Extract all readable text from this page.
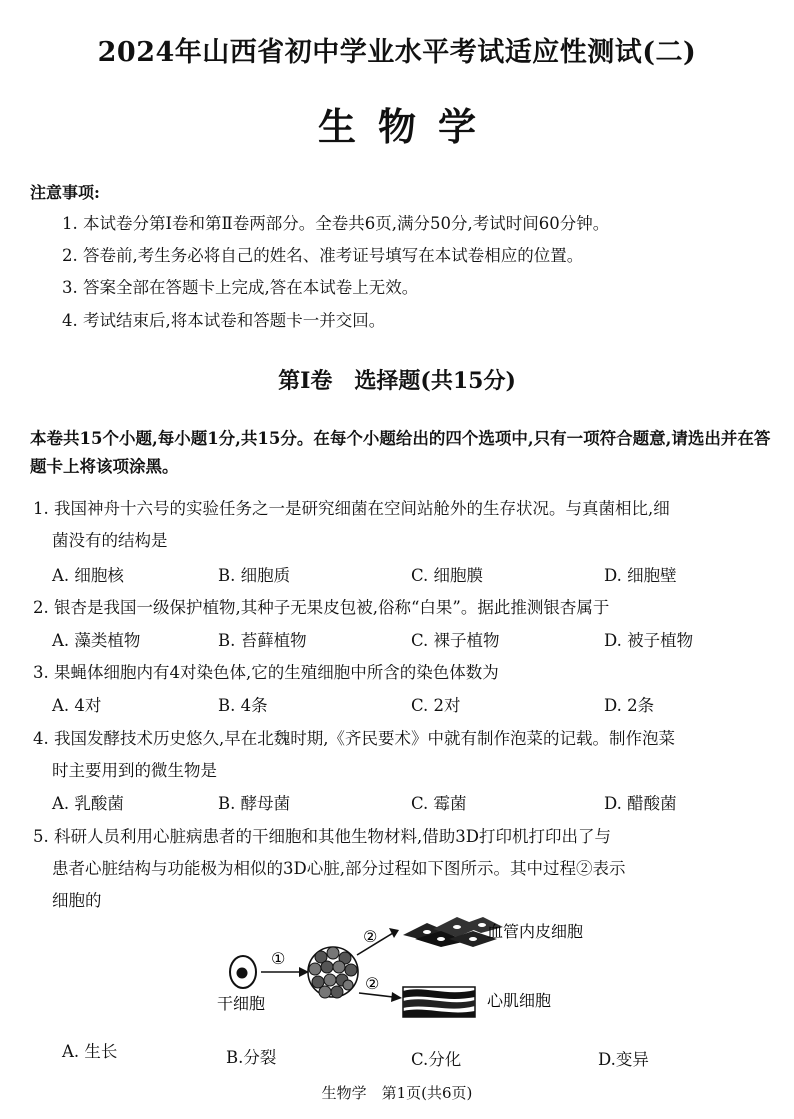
2024年山西省初中学业水平考试适应性测试(二)
生物学
注意事项:
1. 本试卷分第Ⅰ卷和第Ⅱ卷两部分。全卷共6页,满分50分,考试时间60分钟。
2. 答卷前,考生务必将自己的姓名、准考证号填写在本试卷相应的位置。
3. 答案全部在答题卡上完成,答在本试卷上无效。
4. 考试结束后,将本试卷和答题卡一并交回。
第Ⅰ卷　选择题(共15分)
本卷共15个小题,每小题1分,共15分。在每个小题给出的四个选项中,只有一项符合题意,请选出并在答题卡上将该项涂黑。
1. 我国神舟十六号的实验任务之一是研究细菌在空间站舱外的生存状况。与真菌相比,细
菌没有的结构是
A. 细胞核	B. 细胞质	C. 细胞膜	D. 细胞壁
2. 银杏是我国一级保护植物,其种子无果皮包被,俗称“白果”。据此推测银杏属于
A. 藻类植物	B. 苔藓植物	C. 裸子植物	D. 被子植物
3. 果蝇体细胞内有4对染色体,它的生殖细胞中所含的染色体数为
A. 4对	B. 4条	C. 2对	D. 2条
4. 我国发酵技术历史悠久,早在北魏时期,《齐民要术》中就有制作泡菜的记载。制作泡菜
时主要用到的微生物是
A. 乳酸菌	B. 酵母菌	C. 霉菌	D. 醋酸菌
5. 科研人员利用心脏病患者的干细胞和其他生物材料,借助3D打印机打印出了与
患者心脏结构与功能极为相似的3D心脏,部分过程如下图所示。其中过程②表示
细胞的
干细胞
①
②
②
血管内皮细胞
心肌细胞
A. 生长	B.分裂	C.分化	D.变异
生物学　第1页(共6页)
